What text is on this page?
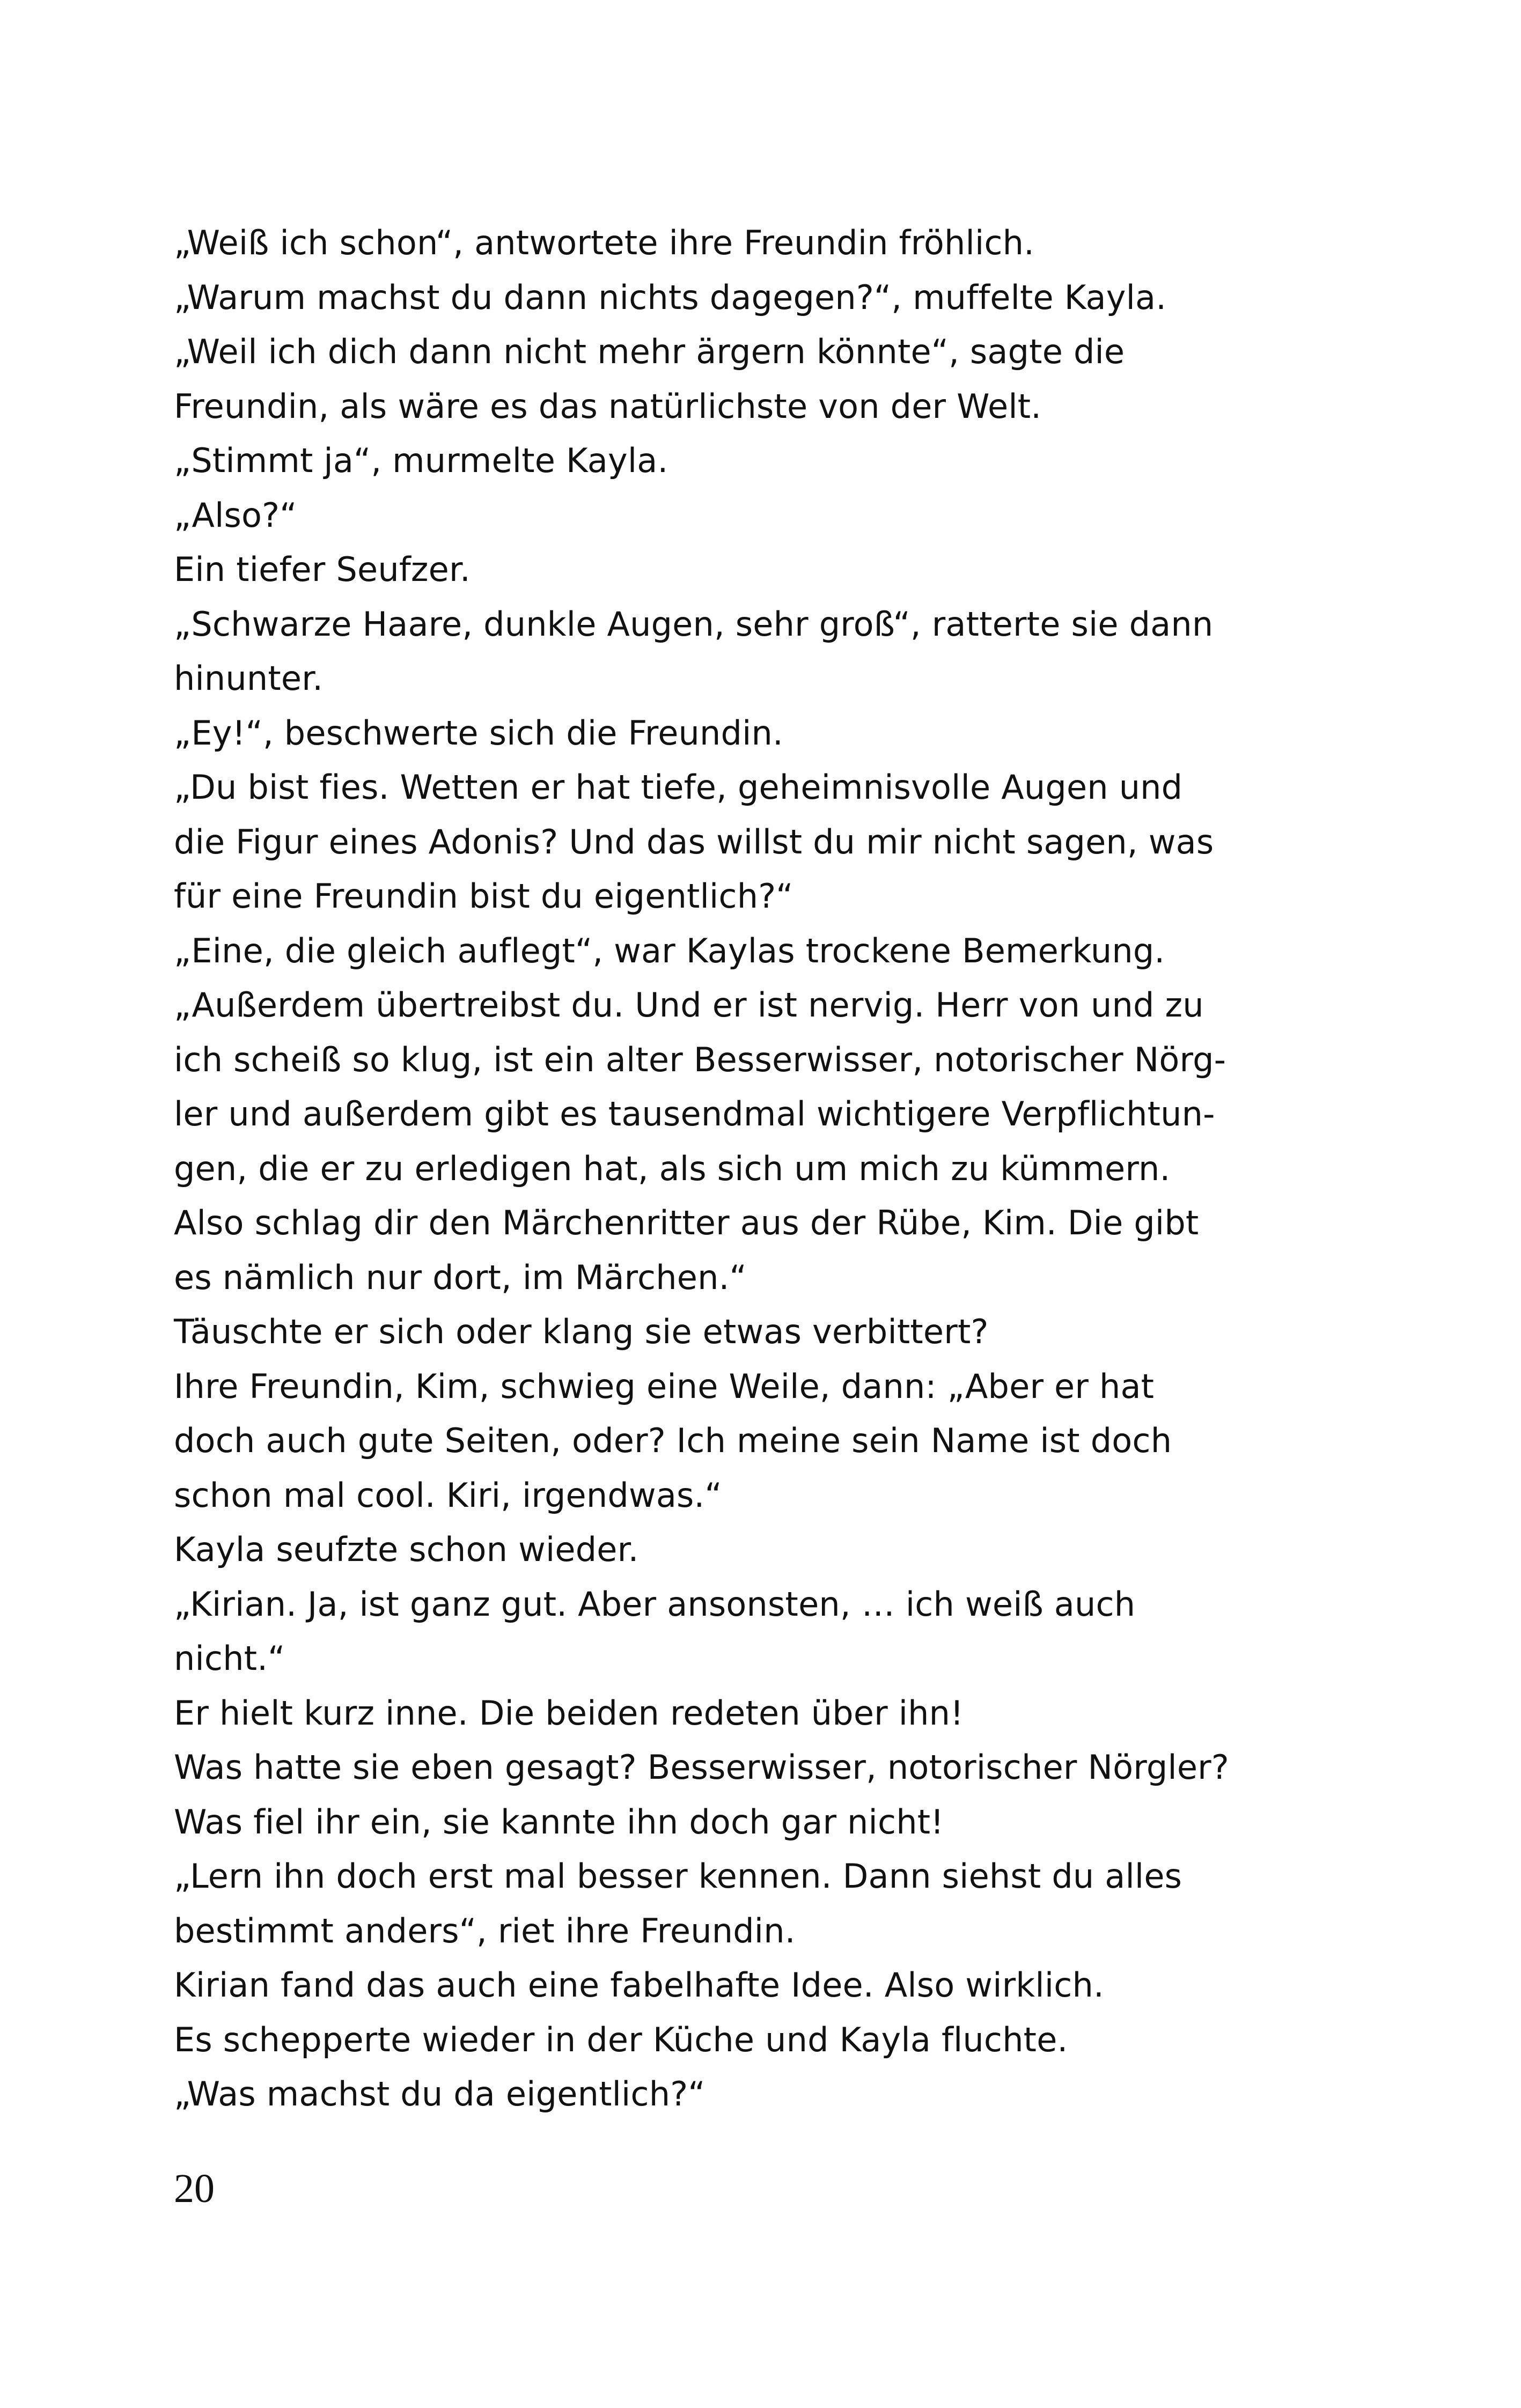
„Weiß ich schon“, antwortete ihre Freundin fröhlich.
„Warum machst du dann nichts dagegen?“, muffelte Kayla.
„Weil ich dich dann nicht mehr ärgern könnte“, sagte die
Freundin, als wäre es das natürlichste von der Welt.
„Stimmt ja“, murmelte Kayla.
„Also?“
Ein tiefer Seufzer.
„Schwarze Haare, dunkle Augen, sehr groß“, ratterte sie dann
hinunter.
„Ey!“, beschwerte sich die Freundin.
„Du bist fies. Wetten er hat tiefe, geheimnisvolle Augen und
die Figur eines Adonis? Und das willst du mir nicht sagen, was
für eine Freundin bist du eigentlich?“
„Eine, die gleich auflegt“, war Kaylas trockene Bemerkung.
„Außerdem übertreibst du. Und er ist nervig. Herr von und zu
ich scheiß so klug, ist ein alter Besserwisser, notorischer Nörg-
ler und außerdem gibt es tausendmal wichtigere Verpflichtun-
gen, die er zu erledigen hat, als sich um mich zu kümmern.
Also schlag dir den Märchenritter aus der Rübe, Kim. Die gibt
es nämlich nur dort, im Märchen.“
Täuschte er sich oder klang sie etwas verbittert?
Ihre Freundin, Kim, schwieg eine Weile, dann: „Aber er hat
doch auch gute Seiten, oder? Ich meine sein Name ist doch
schon mal cool. Kiri, irgendwas.“
Kayla seufzte schon wieder.
„Kirian. Ja, ist ganz gut. Aber ansonsten, … ich weiß auch
nicht.“
Er hielt kurz inne. Die beiden redeten über ihn!
Was hatte sie eben gesagt? Besserwisser, notorischer Nörgler?
Was fiel ihr ein, sie kannte ihn doch gar nicht!
„Lern ihn doch erst mal besser kennen. Dann siehst du alles
bestimmt anders“, riet ihre Freundin.
Kirian fand das auch eine fabelhafte Idee. Also wirklich.
Es schepperte wieder in der Küche und Kayla fluchte.
„Was machst du da eigentlich?“
20
